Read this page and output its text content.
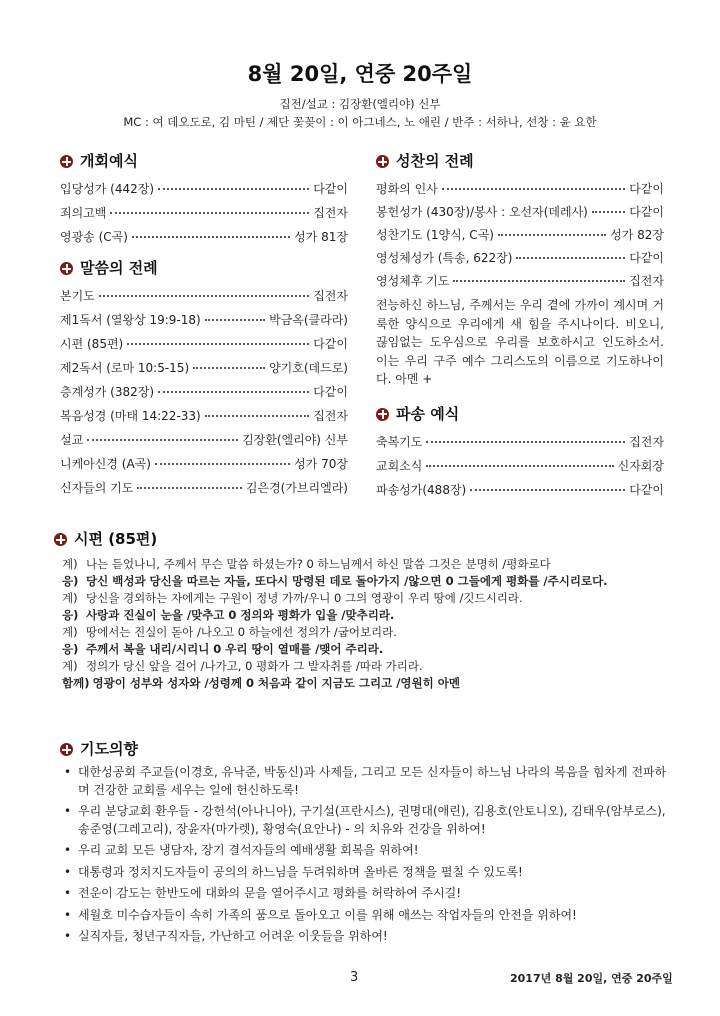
8월 20일, 연중 20주일
집전/설교 : 김장환(엘리야) 신부
MC : 여 데오도로, 김 마틴 / 제단 꽃꽂이 : 이 아그네스, 노 애린 / 반주 : 서하나, 선창 : 윤 요한
개회예식
입당성가 (442장)	다같이
죄의고백	집전자
영광송 (C곡)	성가 81장
말씀의 전례
본기도	집전자
제1독서 (열왕상 19:9-18)	박금옥(클라라)
시편 (85편)	다같이
제2독서 (로마 10:5-15)	양기호(데드로)
층계성가 (382장)	다같이
복음성경 (마태 14:22-33)	집전자
설교	김장환(엘리야) 신부
니케아신경 (A곡)	성가 70장
신자들의 기도	김은경(가브리엘라)
성찬의 전례
평화의 인사	다같이
봉헌성가 (430장)/봉사 : 오선자(데레사)	다같이
성찬기도 (1양식, C곡)	성가 82장
영성체성가 (특송, 622장)	다같이
영성체후 기도	집전자
전능하신 하느님, 주께서는 우리 곁에 가까이 계시며 거룩한 양식으로 우리에게 새 힘을 주시나이다. 비오니, 끊임없는 도우심으로 우리를 보호하시고 인도하소서. 이는 우리 구주 예수 그리스도의 이름으로 기도하나이다. 아멘 +
파송 예식
축복기도	집전자
교회소식	신자회장
파송성가(488장)	다같이
시편 (85편)
계) 나는 듣었나니, 주께서 무슨 말씀 하셨는가? 0 하느님께서 하신 말씀 그것은 분명히 /평화로다
응) 당신 백성과 당신을 따르는 자들, 또다시 망령된 데로 돌아가지 /않으면 0 그들에게 평화를 /주시리로다.
계) 당신을 경외하는 자에게는 구원이 정녕 가까/우니 0 그의 영광이 우리 땅에 /깃드시리라.
응) 사랑과 진실이 눈을 /맞추고 0 정의와 평화가 입을 /맞추리라.
계) 땅에서는 진실이 돋아 /나오고 0 하늘에선 정의가 /굽어보리라.
응) 주께서 복을 내리/시리니 0 우리 땅이 열매를 /맺어 주리라.
계) 정의가 당신 앞을 걸어 /나가고, 0 평화가 그 발자취를 /따라 가리라.
함께) 영광이 성부와 성자와 /성령께 0 처음과 같이 지금도 그리고 /영원히 아멘
기도의향
• 대한성공회 주교들(이경호, 유낙준, 박동신)과 사제들, 그리고 모든 신자들이 하느님 나라의 복음을 힘차게 전파하며 건강한 교회를 세우는 일에 헌신하도록!
• 우리 분당교회 환우들 - 강헌석(아나니아), 구기설(프란시스), 권명대(애린), 김용호(안토니오), 김태우(암부로스), 송준영(그레고리), 장윤자(마가렛), 황영숙(요안나) - 의 치유와 건강을 위하여!
• 우리 교회 모든 냉담자, 장기 결석자들의 예배생활 회복을 위하여!
• 대통령과 정치지도자들이 공의의 하느님을 두려워하며 올바른 정책을 펼칠 수 있도록!
• 전운이 감도는 한반도에 대화의 문을 열어주시고 평화를 허락하여 주시길!
• 세월호 미수습자들이 속히 가족의 품으로 돌아오고 이를 위해 애쓰는 작업자들의 안전을 위하여!
• 실직자들, 청년구직자들, 가난하고 어려운 이웃들을 위하여!
3	2017년 8월 20일, 연중 20주일
